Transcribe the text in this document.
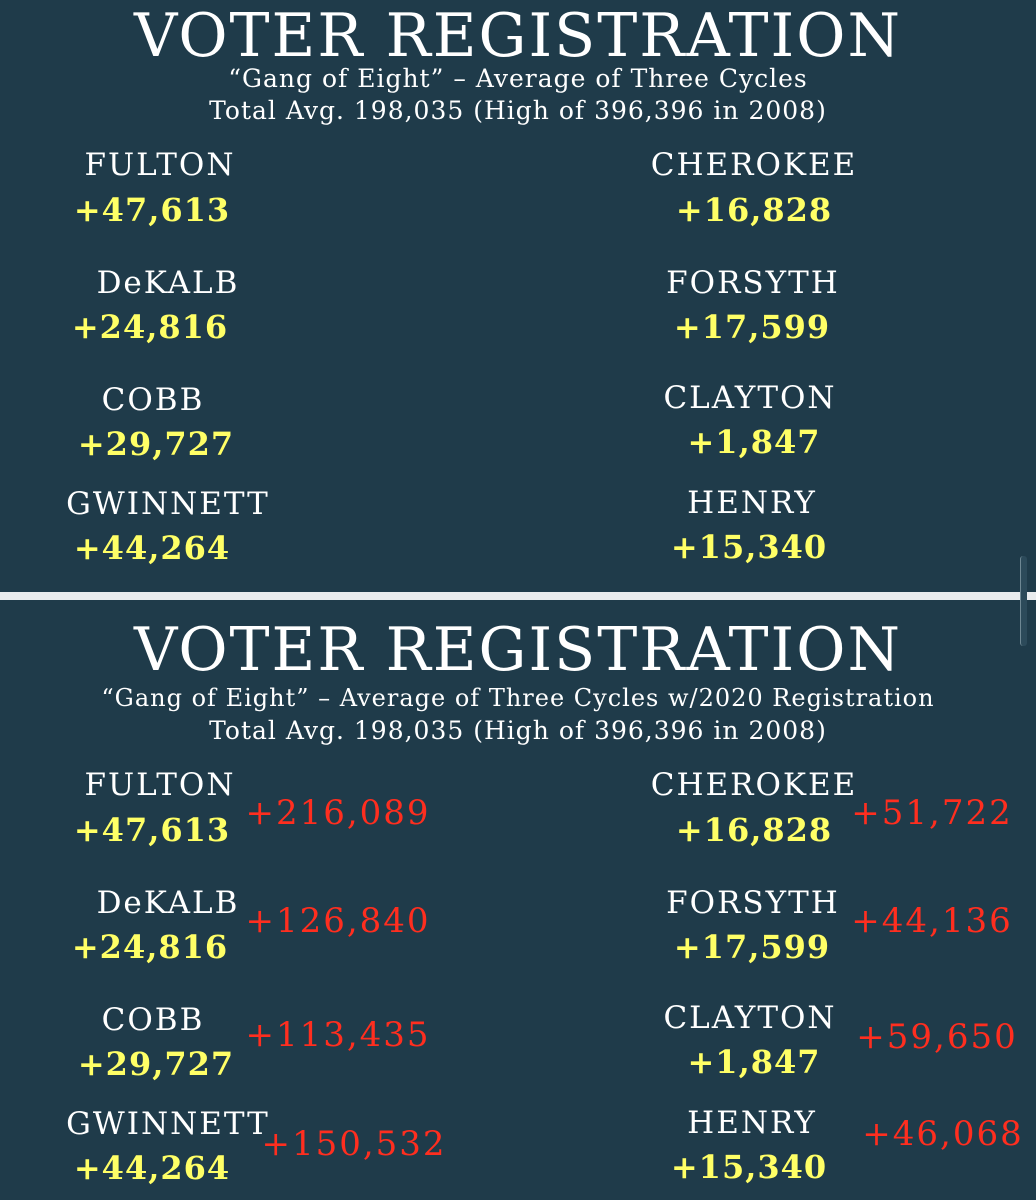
VOTER REGISTRATION
“Gang of Eight” – Average of Three Cycles
Total Avg. 198,035 (High of 396,396 in 2008)
FULTON
+47,613
DeKALB
+24,816
COBB
+29,727
GWINNETT
+44,264
CHEROKEE
+16,828
FORSYTH
+17,599
CLAYTON
+1,847
HENRY
+15,340
VOTER REGISTRATION
“Gang of Eight” – Average of Three Cycles w/2020 Registration
Total Avg. 198,035 (High of 396,396 in 2008)
FULTON
+47,613 +216,089
DeKALB
+24,816
+126,840
COBB
+29,727
+113,435
GWINNETT
+44,264
+150,532
CHEROKEE
+16,828 +51,722
FORSYTH
+17,599
+44,136
CLAYTON
+1,847
+59,650
HENRY
+15,340
+46,068
